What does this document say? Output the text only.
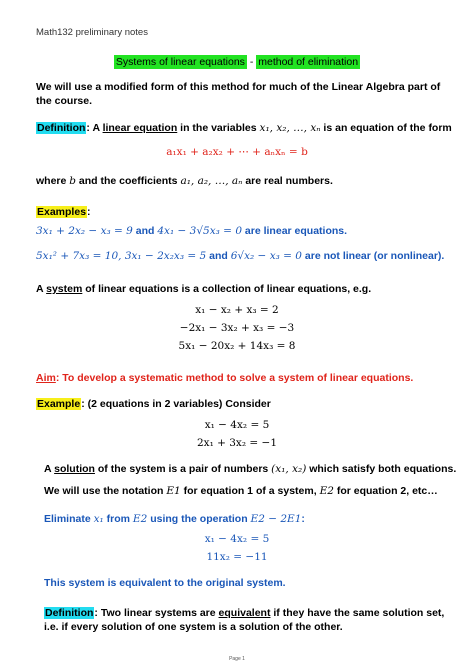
Math132 preliminary notes
Systems of linear equations - method of elimination
We will use a modified form of this method for much of the Linear Algebra part of the course.
Definition: A linear equation in the variables x₁, x₂, …, xₙ is an equation of the form
a₁x₁ + a₂x₂ + ⋯ + aₙxₙ = b
where b and the coefficients a₁, a₂, …, aₙ are real numbers.
Examples:
3x₁ + 2x₂ − x₃ = 9 and 4x₁ − 3√5x₃ = 0 are linear equations.
5x₁² + 7x₃ = 10, 3x₁ − 2x₂x₃ = 5 and 6√x₂ − x₃ = 0 are not linear (or nonlinear).
A system of linear equations is a collection of linear equations, e.g.
x₁ − x₂ + x₃ = 2
−2x₁ − 3x₂ + x₃ = −3
5x₁ − 20x₂ + 14x₃ = 8
Aim: To develop a systematic method to solve a system of linear equations.
Example: (2 equations in 2 variables) Consider
x₁ − 4x₂ = 5
2x₁ + 3x₂ = −1
A solution of the system is a pair of numbers (x₁, x₂) which satisfy both equations.
We will use the notation E1 for equation 1 of a system, E2 for equation 2, etc…
Eliminate x₁ from E2 using the operation E2 − 2E1:
x₁ − 4x₂ = 5
11x₂ = −11
This system is equivalent to the original system.
Definition: Two linear systems are equivalent if they have the same solution set, i.e. if every solution of one system is a solution of the other.
Page 1
